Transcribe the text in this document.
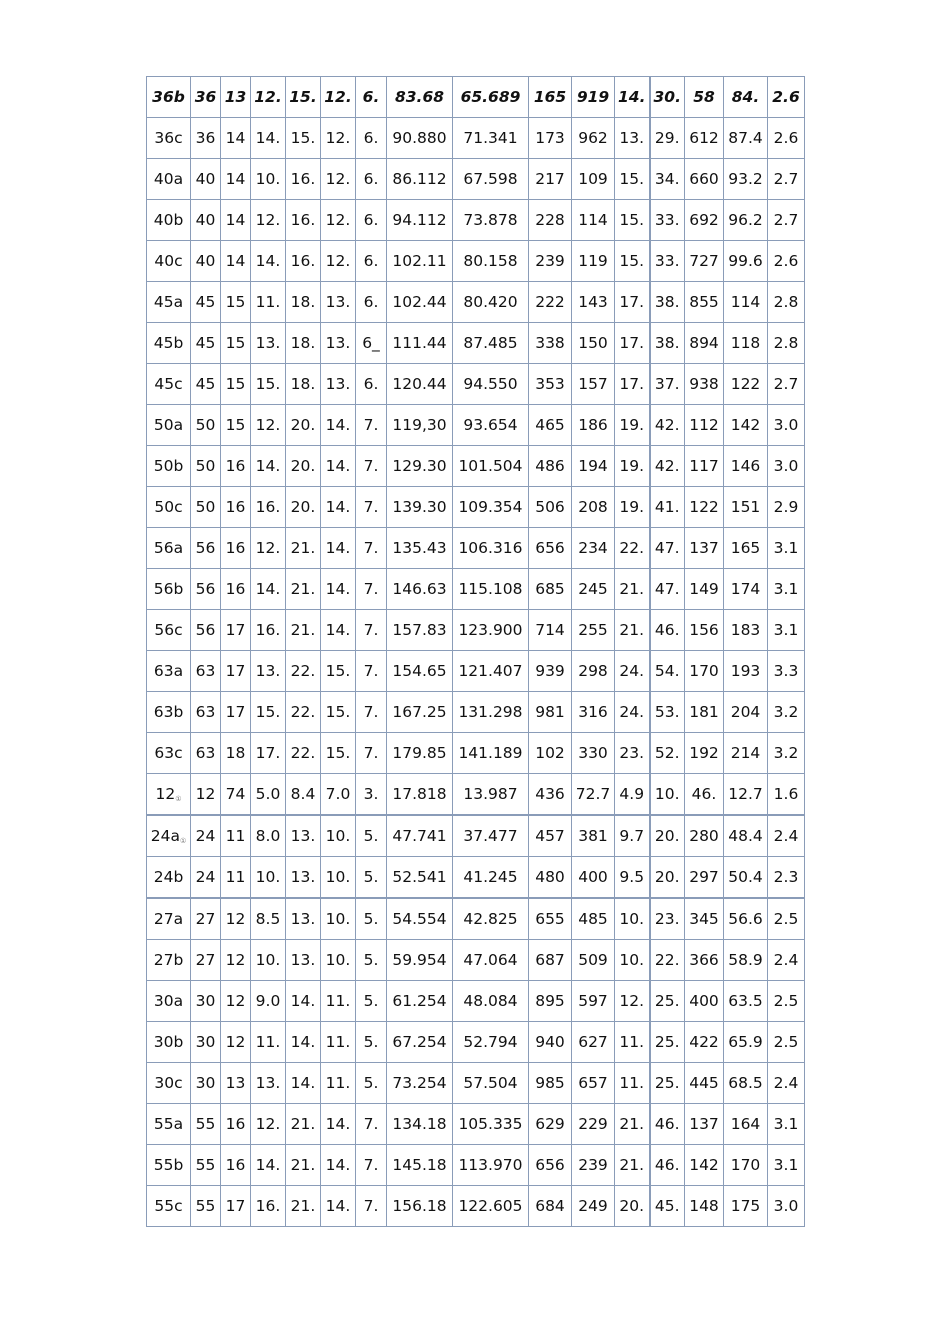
36b	36	13	12.	15.	12.	6.	83.68	65.689	165	919	14.	30.	58	84.	2.6
36c	36	14	14.	15.	12.	6.	90.880	71.341	173	962	13.	29.	612	87.4	2.6
40a	40	14	10.	16.	12.	6.	86.112	67.598	217	109	15.	34.	660	93.2	2.7
40b	40	14	12.	16.	12.	6.	94.112	73.878	228	114	15.	33.	692	96.2	2.7
40c	40	14	14.	16.	12.	6.	102.11	80.158	239	119	15.	33.	727	99.6	2.6
45a	45	15	11.	18.	13.	6.	102.44	80.420	222	143	17.	38.	855	114	2.8
45b	45	15	13.	18.	13.	6_	111.44	87.485	338	150	17.	38.	894	118	2.8
45c	45	15	15.	18.	13.	6.	120.44	94.550	353	157	17.	37.	938	122	2.7
50a	50	15	12.	20.	14.	7.	119,30	93.654	465	186	19.	42.	112	142	3.0
50b	50	16	14.	20.	14.	7.	129.30	101.504	486	194	19.	42.	117	146	3.0
50c	50	16	16.	20.	14.	7.	139.30	109.354	506	208	19.	41.	122	151	2.9
56a	56	16	12.	21.	14.	7.	135.43	106.316	656	234	22.	47.	137	165	3.1
56b	56	16	14.	21.	14.	7.	146.63	115.108	685	245	21.	47.	149	174	3.1
56c	56	17	16.	21.	14.	7.	157.83	123.900	714	255	21.	46.	156	183	3.1
63a	63	17	13.	22.	15.	7.	154.65	121.407	939	298	24.	54.	170	193	3.3
63b	63	17	15.	22.	15.	7.	167.25	131.298	981	316	24.	53.	181	204	3.2
63c	63	18	17.	22.	15.	7.	179.85	141.189	102	330	23.	52.	192	214	3.2
12①	12	74	5.0	8.4	7.0	3.	17.818	13.987	436	72.7	4.9	10.	46.	12.7	1.6
24a①	24	11	8.0	13.	10.	5.	47.741	37.477	457	381	9.7	20.	280	48.4	2.4
24b	24	11	10.	13.	10.	5.	52.541	41.245	480	400	9.5	20.	297	50.4	2.3
27a	27	12	8.5	13.	10.	5.	54.554	42.825	655	485	10.	23.	345	56.6	2.5
27b	27	12	10.	13.	10.	5.	59.954	47.064	687	509	10.	22.	366	58.9	2.4
30a	30	12	9.0	14.	11.	5.	61.254	48.084	895	597	12.	25.	400	63.5	2.5
30b	30	12	11.	14.	11.	5.	67.254	52.794	940	627	11.	25.	422	65.9	2.5
30c	30	13	13.	14.	11.	5.	73.254	57.504	985	657	11.	25.	445	68.5	2.4
55a	55	16	12.	21.	14.	7.	134.18	105.335	629	229	21.	46.	137	164	3.1
55b	55	16	14.	21.	14.	7.	145.18	113.970	656	239	21.	46.	142	170	3.1
55c	55	17	16.	21.	14.	7.	156.18	122.605	684	249	20.	45.	148	175	3.0
